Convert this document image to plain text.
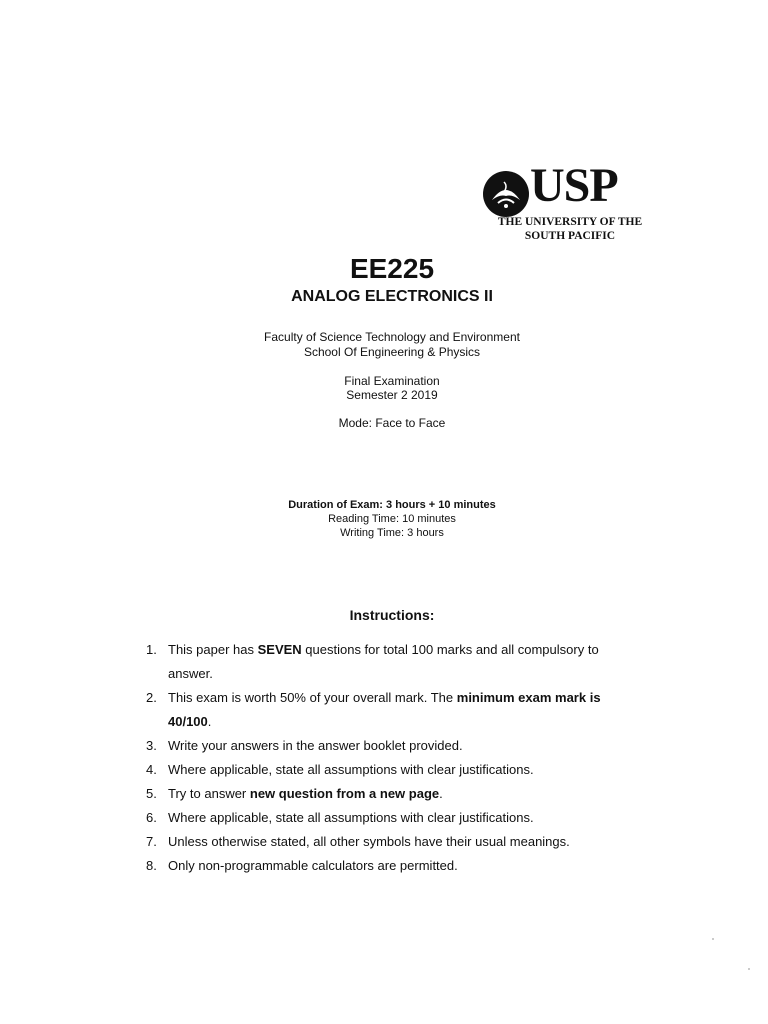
USP
THE UNIVERSITY OF THE
SOUTH PACIFIC
EE225
ANALOG ELECTRONICS II
Faculty of Science Technology and Environment
School Of Engineering & Physics
Final Examination
Semester 2 2019
Mode: Face to Face
Duration of Exam: 3 hours + 10 minutes
Reading Time: 10 minutes
Writing Time: 3 hours
Instructions:
1. This paper has SEVEN questions for total 100 marks and all compulsory to answer.
2. This exam is worth 50% of your overall mark. The minimum exam mark is 40/100.
3. Write your answers in the answer booklet provided.
4. Where applicable, state all assumptions with clear justifications.
5. Try to answer new question from a new page.
6. Where applicable, state all assumptions with clear justifications.
7. Unless otherwise stated, all other symbols have their usual meanings.
8. Only non-programmable calculators are permitted.
